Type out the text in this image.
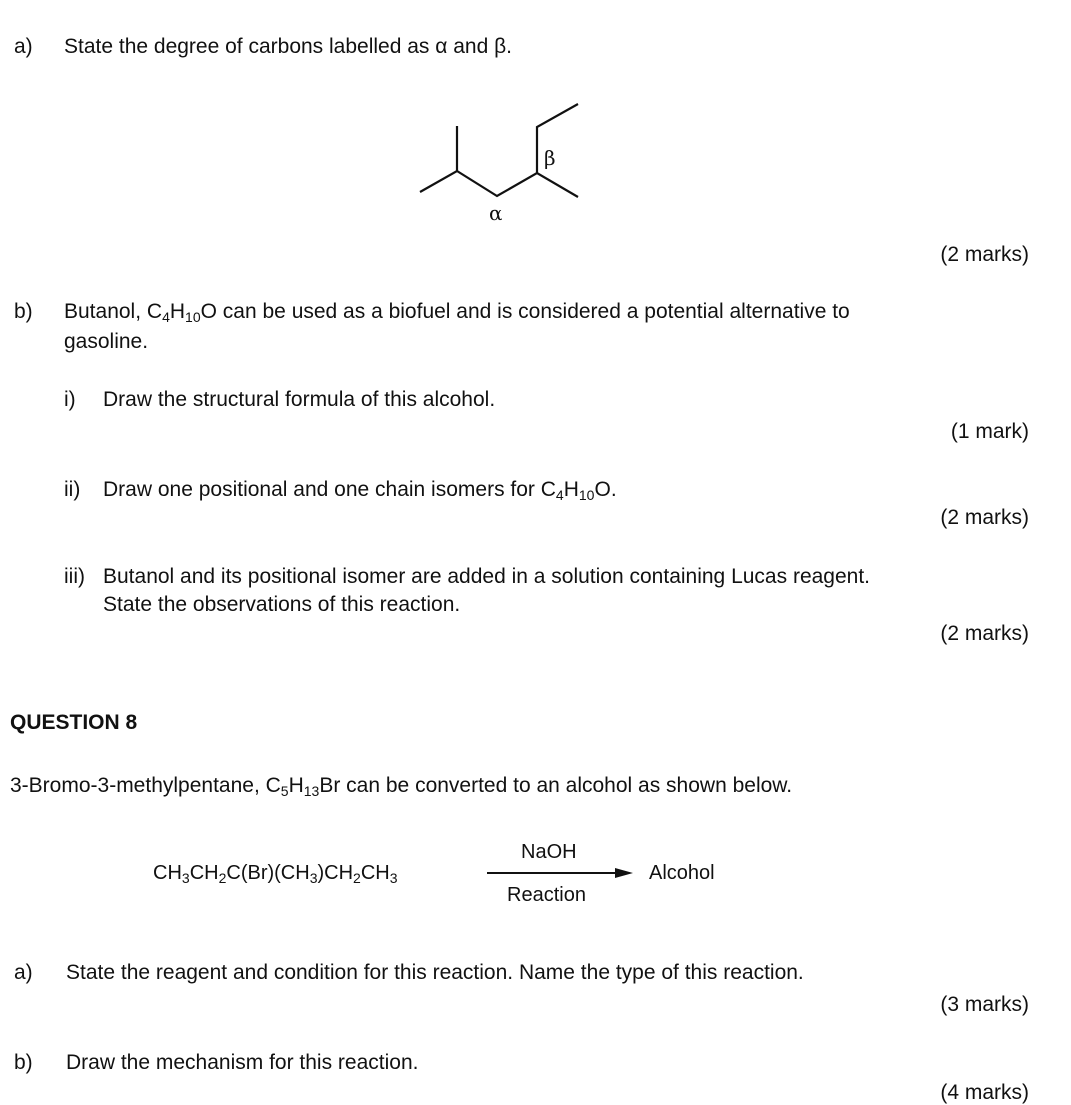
a) State the degree of carbons labelled as α and β.
α
β
(2 marks)
b) Butanol, $C_4H_{10}O$ can be used as a biofuel and is considered a potential alternative to
gasoline.
i) Draw the structural formula of this alcohol.
(1 mark)
ii) Draw one positional and one chain isomers for $C_4H_{10}O$.
(2 marks)
iii) Butanol and its positional isomer are added in a solution containing Lucas reagent.
State the observations of this reaction.
(2 marks)
QUESTION 8
3-Bromo-3-methylpentane, $C_5H_{13}Br$ can be converted to an alcohol as shown below.
$CH_3CH_2C(Br)(CH_3)CH_2CH_3$
NaOH
Reaction
Alcohol
a) State the reagent and condition for this reaction. Name the type of this reaction.
(3 marks)
b) Draw the mechanism for this reaction.
(4 marks)
